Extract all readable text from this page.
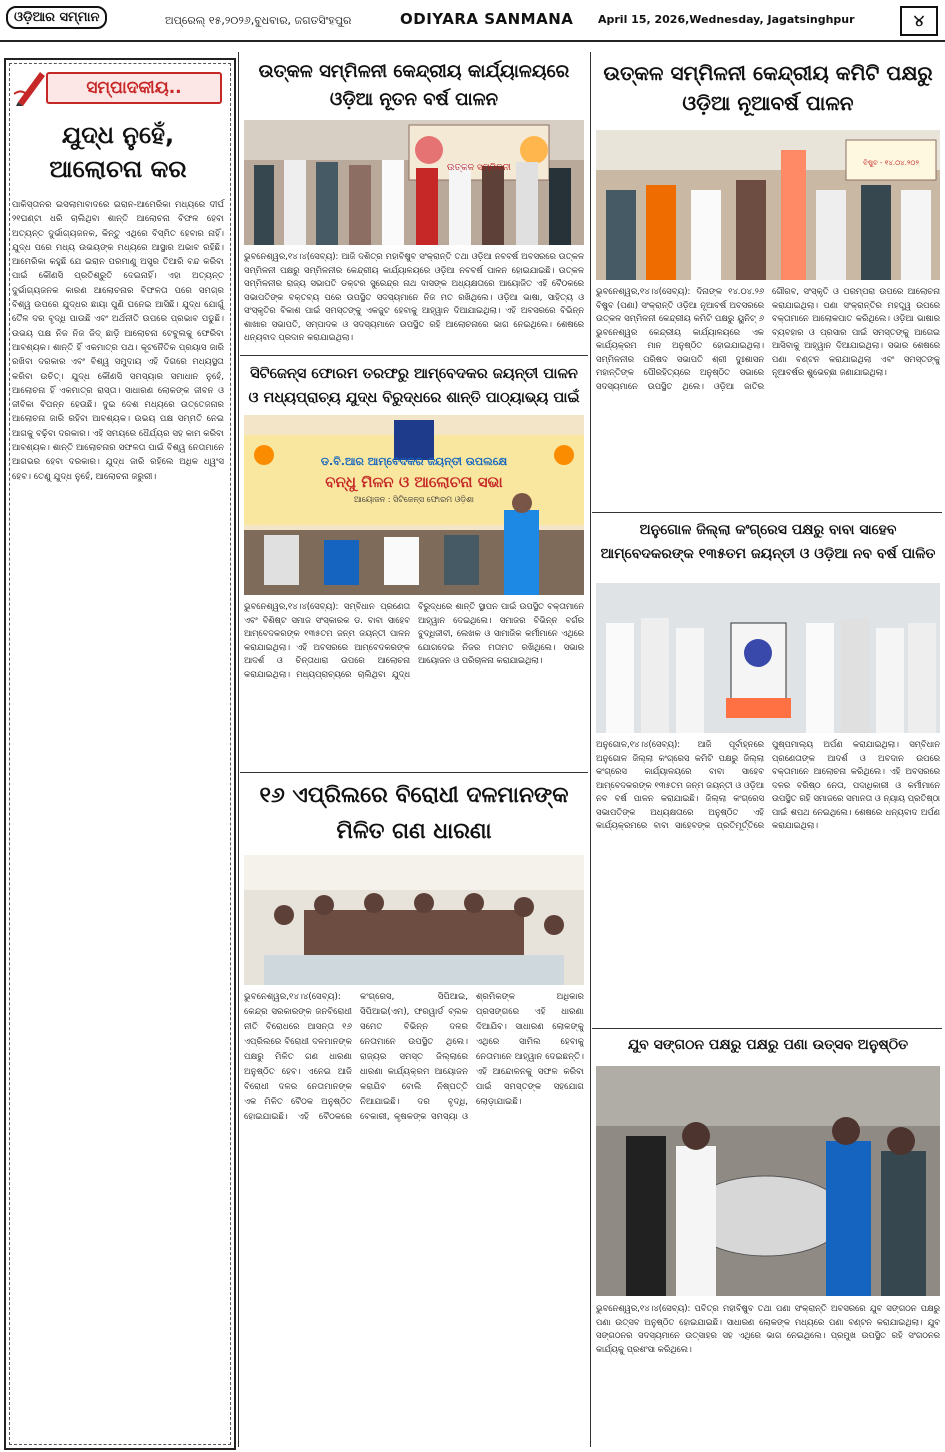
ଓଡ଼ିଆର ସମ୍ମାନ	ଅପ୍ରେଲ୍ ୧୫,୨୦୨୬,ବୁଧବାର, ଜଗତସିଂହପୁର	ODIYARA SANMANA April 15, 2026,Wednesday, Jagatsinghpur	୪
ସମ୍ପାଦକୀୟ..
ଯୁଦ୍ଧ ନୁହେଁ, ଆଲୋଚନା କର
ପାକିସ୍ତାନର ଇସଲାମାବାଦରେ ଇରାନ-ଆମେରିକା ମଧ୍ୟରେ ଦୀର୍ଘ ୨୧ଘଣ୍ଟା ଧରି ଚାଲିଥିବା ଶାନ୍ତି ଆଲୋଚନା ବିଫଳ ହେବା ଅତ୍ୟନ୍ତ ଦୁର୍ଭାଗ୍ୟଜନକ, କିନ୍ତୁ ଏଥିରେ ବିସ୍ମିତ ହେବାର ନାହିଁ। ଯୁଦ୍ଧ ପରେ ମଧ୍ୟ ଉଭୟଙ୍କ ମଧ୍ୟରେ ଆସ୍ଥାର ଅଭାବ ରହିଛି। ଆମେରିକା କହୁଛି ଯେ ଇରାନ ପରମାଣୁ ଅସ୍ତ୍ର ତିଆରି ବନ୍ଦ କରିବା ପାଇଁ କୌଣସି ପ୍ରତିଶ୍ରୁତି ଦେଇନାହିଁ। ଏହା ଅତ୍ୟନ୍ତ ଦୁର୍ଭାଗ୍ୟଜନକ କାରଣ ଆଲୋଚନାର ବିଫଳତା ପରେ ସମଗ୍ର ବିଶ୍ୱ ଉପରେ ଯୁଦ୍ଧର ଛାୟା ପୁଣି ଘନେଇ ଆସିଛି। ଯୁଦ୍ଧ ଯୋଗୁଁ ତୈଳ ଦର ବୃଦ୍ଧି ପାଉଛି ଏବଂ ଅର୍ଥନୀତି ଉପରେ ପ୍ରଭାବ ପଡୁଛି। ଉଭୟ ପକ୍ଷ ନିଜ ନିଜ ଜିଦ୍ ଛାଡ଼ି ଆଲୋଚନା ଟେବୁଲକୁ ଫେରିବା ଆବଶ୍ୟକ। ଶାନ୍ତି ହିଁ ଏକମାତ୍ର ପଥ। କୂଟନୈତିକ ପ୍ରୟାସ ଜାରି ରଖିବା ଦରକାର ଏବଂ ବିଶ୍ୱ ସମୁଦାୟ ଏହି ଦିଗରେ ମଧ୍ୟସ୍ଥତା କରିବା ଉଚିତ୍। ଯୁଦ୍ଧ କୌଣସି ସମସ୍ୟାର ସମାଧାନ ନୁହେଁ, ଆଲୋଚନା ହିଁ ଏକମାତ୍ର ରାସ୍ତା। ସାଧାରଣ ଲୋକଙ୍କ ଜୀବନ ଓ ଜୀବିକା ବିପନ୍ନ ହେଉଛି। ଦୁଇ ଦେଶ ମଧ୍ୟରେ ଉତ୍ତେଜନାର ଆଲୋଚନା ଜାରି ରହିବା ଆବଶ୍ୟକ। ଉଭୟ ପକ୍ଷ ସମ୍ମତି ନେଇ ଆଗକୁ ବଢ଼ିବା ଦରକାର। ଏହି ସମୟରେ ଧୈର୍ଯ୍ୟର ସହ କାମ କରିବା ଆବଶ୍ୟକ। ଶାନ୍ତି ଆଲୋଚନାର ସଫଳତା ପାଇଁ ବିଶ୍ୱ ନେତାମାନେ ଆଗଭର ହେବା ଦରକାର। ଯୁଦ୍ଧ ଜାରି ରହିଲେ ଅଧିକ ଧ୍ୱଂସ ହେବ। ତେଣୁ ଯୁଦ୍ଧ ନୁହେଁ, ଆଲୋଚନା ଜରୁରୀ।
ଉତ୍କଳ ସମ୍ମିଳନୀ କେନ୍ଦ୍ରୀୟ କାର୍ଯ୍ୟାଳୟରେ ଓଡ଼ିଆ ନୂତନ ବର୍ଷ ପାଳନ
ଉତ୍କଳ ସମ୍ମିଳନୀ
ଭୁବନେଶ୍ୱର,୧୪।୪(ସେବ୍ୟ): ଆଜି ଦଶିତ୍ର ମହାବିଷୁବ ସଂକ୍ରାନ୍ତି ତଥା ଓଡ଼ିଆ ନବବର୍ଷ ଅବସରରେ ଉତ୍କଳ ସମ୍ମିଳନୀ ପକ୍ଷରୁ ସମ୍ମିଳନୀର କେନ୍ଦ୍ରୀୟ କାର୍ଯ୍ୟାଳୟରେ ଓଡ଼ିଆ ନବବର୍ଷ ପାଳନ ହୋଇଯାଇଛି। ଉତ୍କଳ ସମ୍ମିଳନୀର ରାଜ୍ୟ ସଭାପତି ଡକ୍ଟର ସୁରେନ୍ଦ୍ର ନାଥ ଦାସଙ୍କ ଅଧ୍ୟକ୍ଷତାରେ ଆୟୋଜିତ ଏହି ବୈଠକରେ ସଭାପତିଙ୍କ ବକ୍ତବ୍ୟ ପରେ ଉପସ୍ଥିତ ସଦସ୍ୟମାନେ ନିଜ ମତ ରଖିଥିଲେ। ଓଡ଼ିଆ ଭାଷା, ସାହିତ୍ୟ ଓ ସଂସ୍କୃତିର ବିକାଶ ପାଇଁ ସମସ୍ତଙ୍କୁ ଏକଜୁଟ ହେବାକୁ ଆହ୍ୱାନ ଦିଆଯାଇଥିଲା। ଏହି ଅବସରରେ ବିଭିନ୍ନ ଶାଖାର ସଭାପତି, ସମ୍ପାଦକ ଓ ସଦସ୍ୟମାନେ ଉପସ୍ଥିତ ରହି ଆଲୋଚନାରେ ଭାଗ ନେଇଥିଲେ। ଶେଷରେ ଧନ୍ୟବାଦ ପ୍ରଦାନ କରାଯାଇଥିଲା।
ସିଟିଜେନ୍ସ ଫୋରମ ତରଫରୁ ଆମ୍ବେଦକର ଜୟନ୍ତୀ ପାଳନ ଓ ମଧ୍ୟପ୍ରାଚ୍ୟ ଯୁଦ୍ଧ ବିରୁଦ୍ଧରେ ଶାନ୍ତି ପାଠ୍ୟାଭ୍ୟ ପାଇଁ
ଡ.ବି.ଆର ଆମ୍ବେଦକର ଜୟନ୍ତୀ ଉପଲକ୍ଷେ
ବନ୍ଧୁ ମିଳନ ଓ ଆଲୋଚନା ସଭା
ଆୟୋଜନ : ସିଟିଜେନ୍ସ ଫୋରମ ଓଡ଼ିଶା
ଭୁବନେଶ୍ୱର,୧୪।୪(ସେବ୍ୟ): ସମ୍ବିଧାନ ପ୍ରଣେତା ଏବଂ ବିଶିଷ୍ଟ ସମାଜ ସଂସ୍କାରକ ଡ. ବାବା ସାହେବ ଆମ୍ବେଦକରଙ୍କ ୧୩୫ତମ ଜନ୍ମ ଜୟନ୍ତୀ ପାଳନ କରାଯାଇଥିଲା। ଏହି ଅବସରରେ ଆମ୍ବେଦକରଙ୍କ ଆଦର୍ଶ ଓ ଚିନ୍ତାଧାରା ଉପରେ ଆଲୋଚନା କରାଯାଇଥିଲା। ମଧ୍ୟପ୍ରାଚ୍ୟରେ ଚାଲିଥିବା ଯୁଦ୍ଧ ବିରୁଦ୍ଧରେ ଶାନ୍ତି ସ୍ଥାପନ ପାଇଁ ଉପସ୍ଥିତ ବକ୍ତାମାନେ ଆହ୍ୱାନ ଦେଇଥିଲେ। ସମାଜର ବିଭିନ୍ନ ବର୍ଗର ବୁଦ୍ଧିଜୀବୀ, ଲେଖକ ଓ ସାମାଜିକ କର୍ମୀମାନେ ଏଥିରେ ଯୋଗଦେଇ ନିଜର ମତାମତ ରଖିଥିଲେ। ସଭାର ଆୟୋଜନ ଓ ପରିଚାଳନା କରାଯାଇଥିଲା।
୧୬ ଏପ୍ରିଲରେ ବିରୋଧୀ ଦଳମାନଙ୍କ ମିଳିତ ଗଣ ଧାରଣା
ଭୁବନେଶ୍ୱର,୧୪।୪(ସେବ୍ୟ): କେନ୍ଦ୍ର ସରକାରଙ୍କ ଜନବିରୋଧୀ ନୀତି ବିରୋଧରେ ଆସନ୍ତା ୧୬ ଏପ୍ରିଲରେ ବିରୋଧୀ ଦଳମାନଙ୍କ ପକ୍ଷରୁ ମିଳିତ ଗଣ ଧାରଣା ଅନୁଷ୍ଠିତ ହେବ। ଏନେଇ ଆଜି ବିରୋଧୀ ଦଳର ନେତାମାନଙ୍କ ଏକ ମିଳିତ ବୈଠକ ଅନୁଷ୍ଠିତ ହୋଇଯାଇଛି। ଏହି ବୈଠକରେ କଂଗ୍ରେସ, ସିପିଆଇ, ସିପିଆଇ(ଏମ), ଫରୱାର୍ଡ ବ୍ଲକ ସମେତ ବିଭିନ୍ନ ଦଳର ନେତାମାନେ ଉପସ୍ଥିତ ଥିଲେ। ରାଜ୍ୟର ସମସ୍ତ ଜିଲ୍ଲାରେ ଧାରଣା କାର୍ଯ୍ୟକ୍ରମ ଆୟୋଜନ କରାଯିବ ବୋଲି ନିଷ୍ପତ୍ତି ନିଆଯାଇଛି। ଦର ବୃଦ୍ଧି, ବେକାରୀ, କୃଷକଙ୍କ ସମସ୍ୟା ଓ ଶ୍ରମିକଙ୍କ ଅଧିକାର ପ୍ରସଙ୍ଗରେ ଏହି ଧାରଣା ଦିଆଯିବ। ସାଧାରଣ ଲୋକଙ୍କୁ ଏଥିରେ ସାମିଲ ହେବାକୁ ନେତାମାନେ ଆହ୍ୱାନ ଦେଇଛନ୍ତି। ଏହି ଆନ୍ଦୋଳନକୁ ସଫଳ କରିବା ପାଇଁ ସମସ୍ତଙ୍କ ସହଯୋଗ ଲୋଡ଼ାଯାଇଛି।
ଉତ୍କଳ ସମ୍ମିଳନୀ କେନ୍ଦ୍ରୀୟ କମିଟି ପକ୍ଷରୁ ଓଡ଼ିଆ ନୂଆବର୍ଷ ପାଳନ
ବିଷୁବ - ୧୪.୦୪.୨୦୨
ଭୁବନେଶ୍ୱର,୧୪।୪(ସେବ୍ୟ): ଦିନାଙ୍କ ୧୪.୦୪.୨୬ ବିଷୁବ (ପଣା) ସଂକ୍ରାନ୍ତି ଓଡ଼ିଆ ନୂଆବର୍ଷ ଅବସରରେ ଉତ୍କଳ ସମ୍ମିଳନୀ କେନ୍ଦ୍ରୀୟ କମିଟି ପକ୍ଷରୁ ୟୁନିଟ୍ ୬ ଭୁବନେଶ୍ୱର କେନ୍ଦ୍ରୀୟ କାର୍ଯ୍ୟାଳୟରେ ଏକ କାର୍ଯ୍ୟକ୍ରମ ମାନ ଅନୁଷ୍ଠିତ ହୋଇଯାଇଥିଲା। ସମ୍ମିଳନୀର ପରିଷଦ ସଭାପତି ଶ୍ରୀ ଦୁଃଶାସନ ମହାନ୍ତିଙ୍କ ପୌରହିତ୍ୟରେ ଅନୁଷ୍ଠିତ ସଭାରେ ସଦସ୍ୟମାନେ ଉପସ୍ଥିତ ଥିଲେ। ଓଡ଼ିଆ ଜାତିର ଗୌରବ, ସଂସ୍କୃତି ଓ ପରମ୍ପରା ଉପରେ ଆଲୋଚନା କରାଯାଇଥିଲା। ପଣା ସଂକ୍ରାନ୍ତିର ମହତ୍ତ୍ୱ ଉପରେ ବକ୍ତାମାନେ ଆଲୋକପାତ କରିଥିଲେ। ଓଡ଼ିଆ ଭାଷାର ବ୍ୟବହାର ଓ ପ୍ରସାର ପାଇଁ ସମସ୍ତଙ୍କୁ ଆଗେଇ ଆସିବାକୁ ଆହ୍ୱାନ ଦିଆଯାଇଥିଲା। ସଭାର ଶେଷରେ ପଣା ବଣ୍ଟନ କରାଯାଇଥିଲା ଏବଂ ସମସ୍ତଙ୍କୁ ନୂଆବର୍ଷର ଶୁଭେଚ୍ଛା ଜଣାଯାଇଥିଲା।
ଅନୁଗୋଳ ଜିଲ୍ଲା କଂଗ୍ରେସ ପକ୍ଷରୁ ବାବା ସାହେବ ଆମ୍ବେଦକରଙ୍କ ୧୩୫ତମ ଜୟନ୍ତୀ ଓ ଓଡ଼ିଆ ନବ ବର୍ଷ ପାଳିତ
ଅନୁଗୋଳ,୧୪।୪(ସେବ୍ୟ): ଆଜି ପୂର୍ବାହ୍ନରେ ଅନୁଗୋଳ ଜିଲ୍ଲା କଂଗ୍ରେସ କମିଟି ପକ୍ଷରୁ ଜିଲ୍ଲା କଂଗ୍ରେସ କାର୍ଯ୍ୟାଳୟରେ ବାବା ସାହେବ ଆମ୍ବେଦକରଙ୍କ ୧୩୫ତମ ଜନ୍ମ ଜୟନ୍ତୀ ଓ ଓଡ଼ିଆ ନବ ବର୍ଷ ପାଳନ କରାଯାଇଛି। ଜିଲ୍ଲା କଂଗ୍ରେସ ସଭାପତିଙ୍କ ଅଧ୍ୟକ୍ଷତାରେ ଅନୁଷ୍ଠିତ ଏହି କାର୍ଯ୍ୟକ୍ରମରେ ବାବା ସାହେବଙ୍କ ପ୍ରତିମୂର୍ତ୍ତିରେ ପୁଷ୍ପମାଲ୍ୟ ଅର୍ପଣ କରାଯାଇଥିଲା। ସମ୍ବିଧାନ ପ୍ରଣେତାଙ୍କ ଆଦର୍ଶ ଓ ଅବଦାନ ଉପରେ ବକ୍ତାମାନେ ଆଲୋଚନା କରିଥିଲେ। ଏହି ଅବସରରେ ଦଳର ବରିଷ୍ଠ ନେତା, ପଦାଧିକାରୀ ଓ କର୍ମୀମାନେ ଉପସ୍ଥିତ ରହି ସମାଜରେ ସମାନତା ଓ ନ୍ୟାୟ ପ୍ରତିଷ୍ଠା ପାଇଁ ଶପଥ ନେଇଥିଲେ। ଶେଷରେ ଧନ୍ୟବାଦ ଅର୍ପଣ କରାଯାଇଥିଲା।
ଯୁବ ସଙ୍ଗଠନ ପକ୍ଷରୁ ପକ୍ଷରୁ ପଣା ଉତ୍ସବ ଅନୁଷ୍ଠିତ
ଭୁବନେଶ୍ୱର,୧୪।୪(ସେବ୍ୟ): ପବିତ୍ର ମହାବିଷୁବ ତଥା ପଣା ସଂକ୍ରାନ୍ତି ଅବସରରେ ଯୁବ ସଙ୍ଗଠନ ପକ୍ଷରୁ ପଣା ଉତ୍ସବ ଅନୁଷ୍ଠିତ ହୋଇଯାଇଛି। ସାଧାରଣ ଲୋକଙ୍କ ମଧ୍ୟରେ ପଣା ବଣ୍ଟନ କରାଯାଇଥିଲା। ଯୁବ ସଙ୍ଗଠନର ସଦସ୍ୟମାନେ ଉତ୍ସାହର ସହ ଏଥିରେ ଭାଗ ନେଇଥିଲେ। ପ୍ରମୁଖ ଉପସ୍ଥିତ ରହି ସଂଗଠନର କାର୍ଯ୍ୟକୁ ପ୍ରଶଂସା କରିଥିଲେ।
